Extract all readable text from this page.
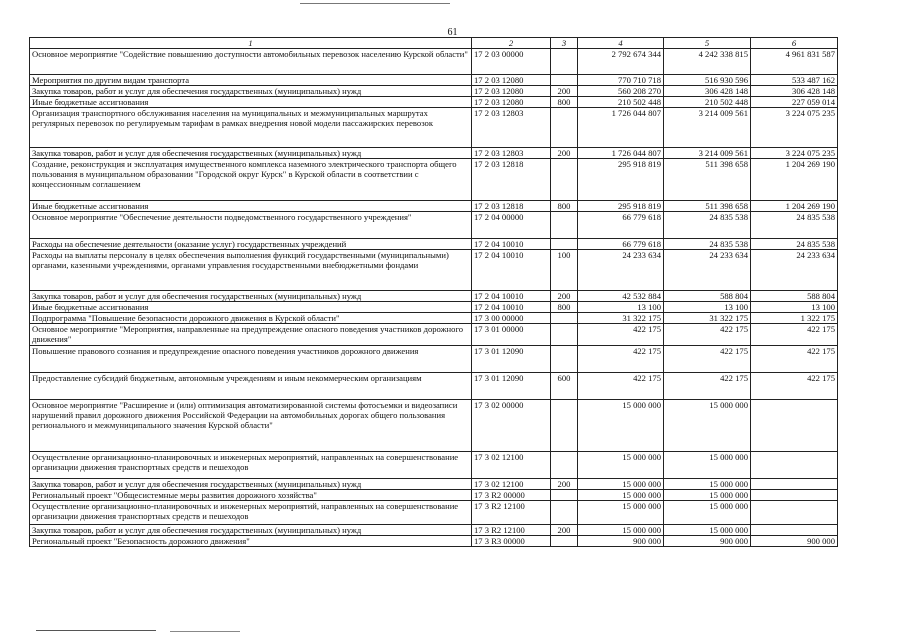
61
1	2	3	4	5	6
Основное мероприятие "Содействие повышению доступности автомобильных перевозок населению Курской области"	17 2 03 00000		2 792 674 344	4 242 338 815	4 961 831 587
Мероприятия по другим видам транспорта	17 2 03 12080		770 710 718	516 930 596	533 487 162
Закупка товаров, работ и услуг для обеспечения государственных (муниципальных) нужд	17 2 03 12080	200	560 208 270	306 428 148	306 428 148
Иные бюджетные ассигнования	17 2 03 12080	800	210 502 448	210 502 448	227 059 014
Организация транспортного обслуживания населения на муниципальных и межмуниципальных маршрутах регулярных перевозок по регулируемым тарифам в рамках внедрения новой модели пассажирских перевозок	17 2 03 12803		1 726 044 807	3 214 009 561	3 224 075 235
Закупка товаров, работ и услуг для обеспечения государственных (муниципальных) нужд	17 2 03 12803	200	1 726 044 807	3 214 009 561	3 224 075 235
Создание, реконструкция и эксплуатация имущественного комплекса наземного электрического транспорта общего пользования в муниципальном образовании "Городской округ Курск" в Курской области в соответствии с концессионным соглашением	17 2 03 12818		295 918 819	511 398 658	1 204 269 190
Иные бюджетные ассигнования	17 2 03 12818	800	295 918 819	511 398 658	1 204 269 190
Основное мероприятие "Обеспечение деятельности подведомственного государственного учреждения"	17 2 04 00000		66 779 618	24 835 538	24 835 538
Расходы на обеспечение деятельности (оказание услуг) государственных учреждений	17 2 04 10010		66 779 618	24 835 538	24 835 538
Расходы на выплаты персоналу в целях обеспечения выполнения функций государственными (муниципальными) органами, казенными учреждениями, органами управления государственными внебюджетными фондами	17 2 04 10010	100	24 233 634	24 233 634	24 233 634
Закупка товаров, работ и услуг для обеспечения государственных (муниципальных) нужд	17 2 04 10010	200	42 532 884	588 804	588 804
Иные бюджетные ассигнования	17 2 04 10010	800	13 100	13 100	13 100
Подпрограмма "Повышение безопасности дорожного движения в Курской области"	17 3 00 00000		31 322 175	31 322 175	1 322 175
Основное мероприятие "Мероприятия, направленные на предупреждение опасного поведения участников дорожного движения"	17 3 01 00000		422 175	422 175	422 175
Повышение правового сознания и предупреждение опасного поведения участников дорожного движения	17 3 01 12090		422 175	422 175	422 175
Предоставление субсидий бюджетным, автономным учреждениям и иным некоммерческим организациям	17 3 01 12090	600	422 175	422 175	422 175
Основное мероприятие "Расширение и (или) оптимизация автоматизированной системы фотосъемки и видеозаписи нарушений правил дорожного движения Российской Федерации на автомобильных дорогах общего пользования регионального и межмуниципального значения Курской области"	17 3 02 00000		15 000 000	15 000 000	
Осуществление организационно-планировочных и инженерных мероприятий, направленных на совершенствование организации движения транспортных средств и пешеходов	17 3 02 12100		15 000 000	15 000 000	
Закупка товаров, работ и услуг для обеспечения государственных (муниципальных) нужд	17 3 02 12100	200	15 000 000	15 000 000	
Региональный проект "Общесистемные меры развития дорожного хозяйства"	17 3 R2 00000		15 000 000	15 000 000	
Осуществление организационно-планировочных и инженерных мероприятий, направленных на совершенствование организации движения транспортных средств и пешеходов	17 3 R2 12100		15 000 000	15 000 000	
Закупка товаров, работ и услуг для обеспечения государственных (муниципальных) нужд	17 3 R2 12100	200	15 000 000	15 000 000	
Региональный проект "Безопасность дорожного движения"	17 3 R3 00000		900 000	900 000	900 000
